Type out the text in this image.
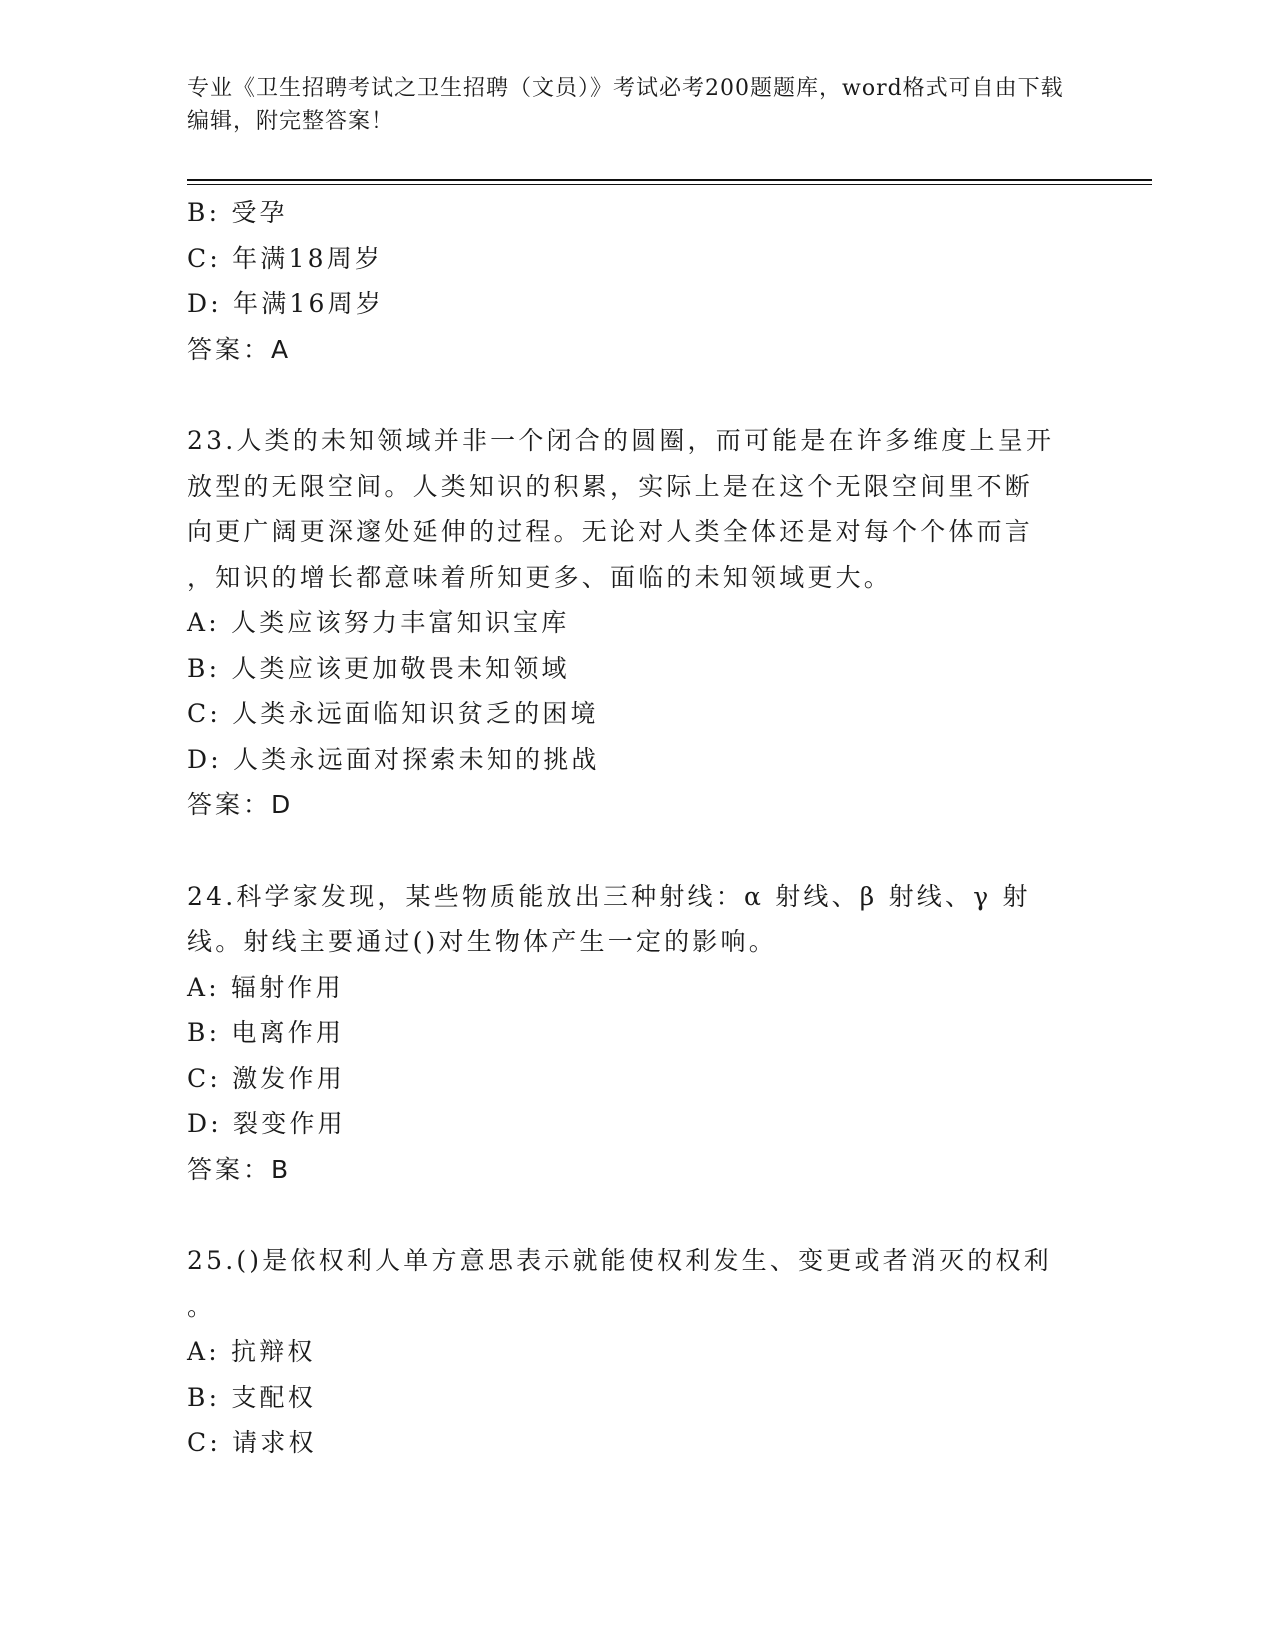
专业《卫生招聘考试之卫生招聘（文员）》考试必考200题题库，word格式可自由下载编辑，附完整答案！

B: 受孕

C: 年满18周岁

D: 年满16周岁

答案：A

23.人类的未知领域并非一个闭合的圆圈，而可能是在许多维度上呈开

放型的无限空间。人类知识的积累，实际上是在这个无限空间里不断

向更广阔更深邃处延伸的过程。无论对人类全体还是对每个个体而言

，知识的增长都意味着所知更多、面临的未知领域更大。

A: 人类应该努力丰富知识宝库

B: 人类应该更加敬畏未知领域

C: 人类永远面临知识贫乏的困境

D: 人类永远面对探索未知的挑战

答案：D

24.科学家发现，某些物质能放出三种射线：α 射线、β 射线、γ 射

线。射线主要通过()对生物体产生一定的影响。

A: 辐射作用

B: 电离作用

C: 激发作用

D: 裂变作用

答案：B

25.()是依权利人单方意思表示就能使权利发生、变更或者消灭的权利

。

A: 抗辩权

B: 支配权

C: 请求权
